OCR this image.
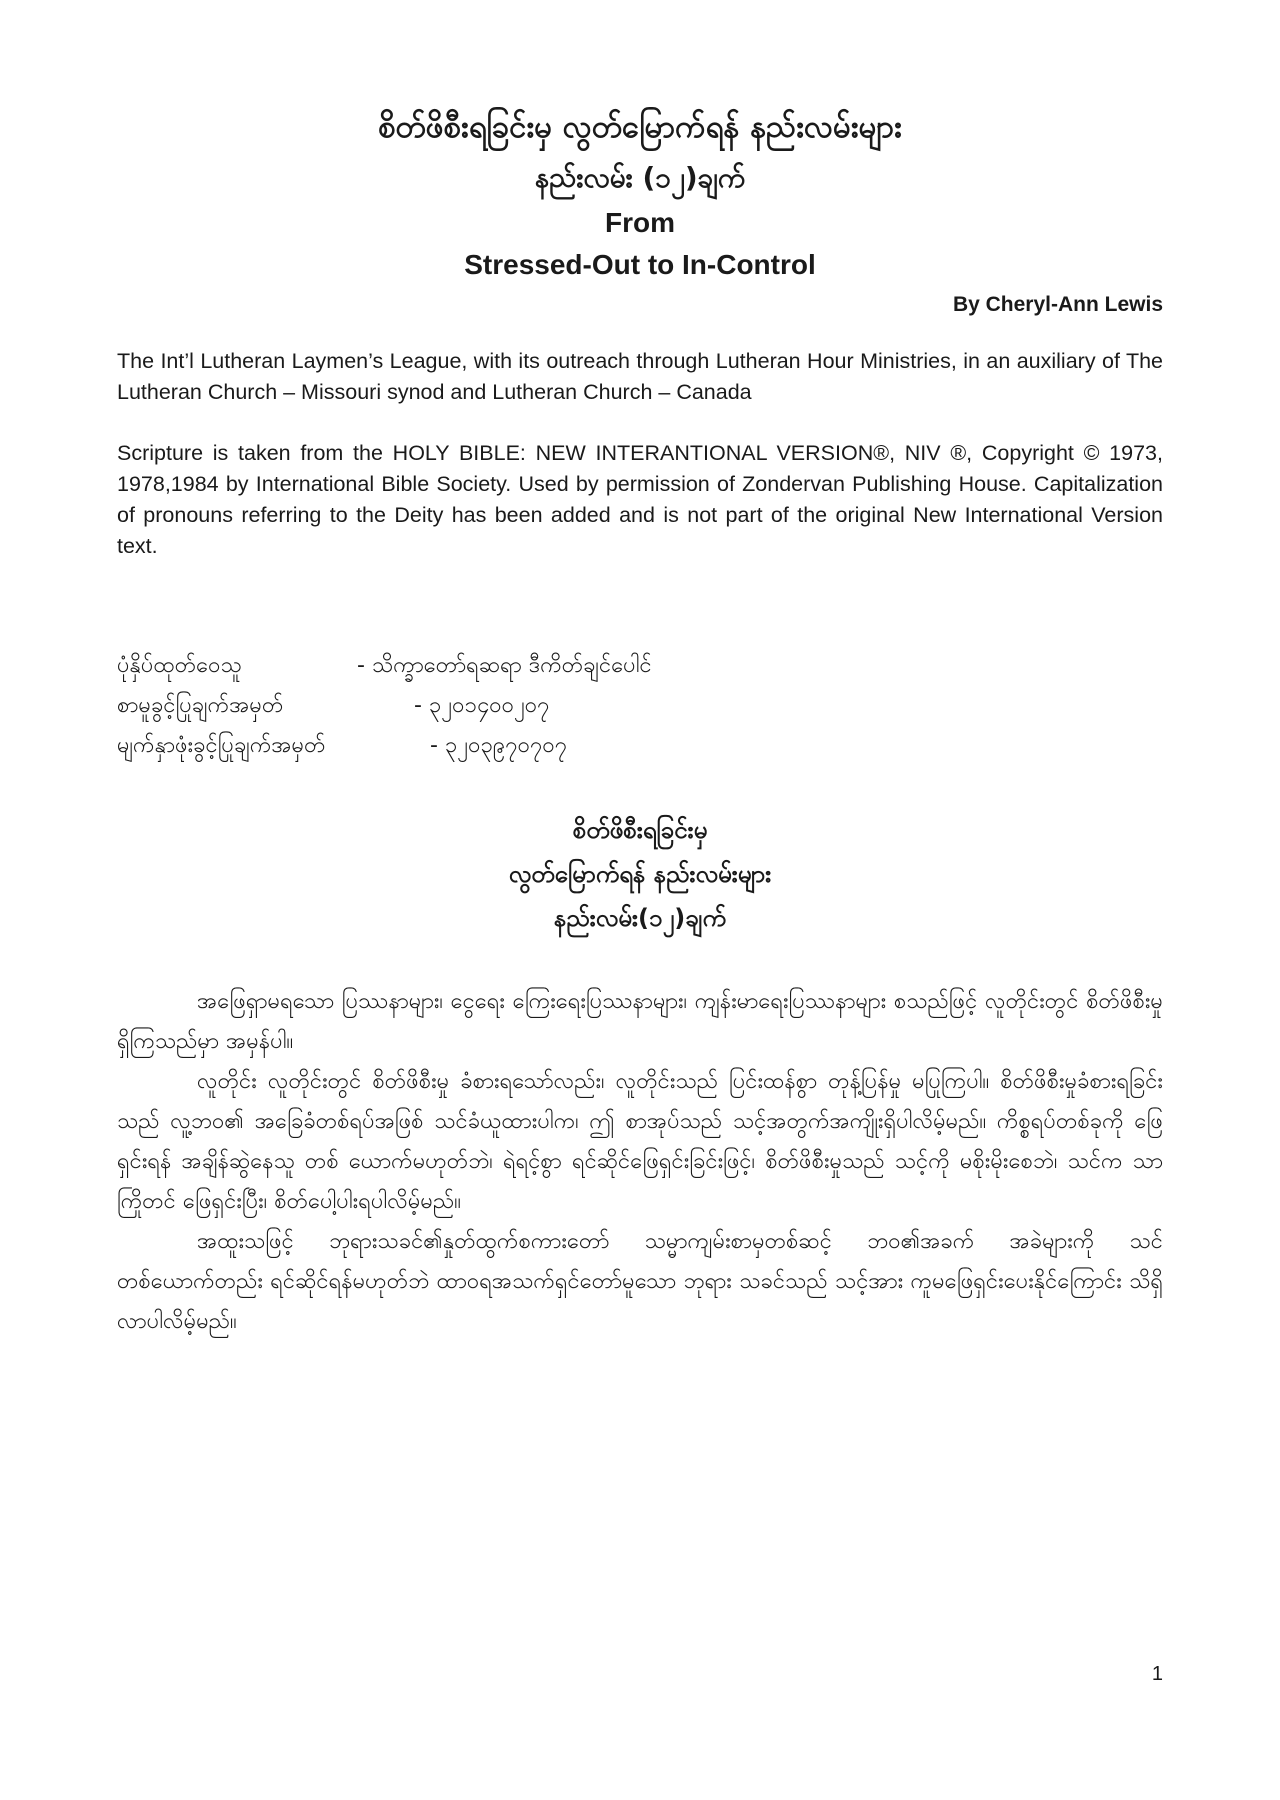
စိတ်ဖိစီးရခြင်းမှ လွတ်မြောက်ရန် နည်းလမ်းများ

နည်းလမ်း (၁၂)ချက်

From

Stressed-Out to In-Control

By Cheryl-Ann Lewis

The Int’l Lutheran Laymen’s League, with its outreach through Lutheran Hour Ministries, in an auxiliary of The Lutheran Church – Missouri synod and Lutheran Church – Canada

Scripture is taken from the HOLY BIBLE: NEW INTERANTIONAL VERSION®, NIV ®, Copyright © 1973, 1978,1984 by International Bible Society. Used by permission of Zondervan Publishing House. Capitalization of pronouns referring to the Deity has been added and is not part of the original New International Version text.

ပုံနှိပ်ထုတ်ဝေသူ	- သိက္ခာတော်ရဆရာ ဒီကိတ်ချင်ပေါင်
စာမူခွင့်ပြုချက်အမှတ်	- ၃၂၀၁၄၀၀၂၀၇
မျက်နှာဖုံးခွင့်ပြုချက်အမှတ်	- ၃၂၀၃၉၇၀၇၀၇
စိတ်ဖိစီးရခြင်းမှ
လွတ်မြောက်ရန် နည်းလမ်းများ
နည်းလမ်း(၁၂)ချက်

အဖြေရှာမရသော ပြဿနာများ၊ ငွေရေး ကြေးရေးပြဿနာများ၊ ကျန်းမာရေးပြဿနာများ စသည်ဖြင့် လူတိုင်းတွင် စိတ်ဖိစီးမှုရှိကြသည်မှာ အမှန်ပါ။

လူတိုင်း လူတိုင်းတွင် စိတ်ဖိစီးမှု ခံစားရသော်လည်း၊ လူတိုင်းသည် ပြင်းထန်စွာ တုန့်ပြန်မှု မပြုကြပါ။ စိတ်ဖိစီးမှုခံစားရခြင်းသည် လူ့ဘဝ၏ အခြေခံတစ်ရပ်အဖြစ် သင်ခံယူထားပါက၊ ဤ စာအုပ်သည် သင့်အတွက်အကျိုးရှိပါလိမ့်မည်။ ကိစ္စရပ်တစ်ခုကို ဖြေရှင်းရန် အချိန်ဆွဲနေသူ တစ် ယောက်မဟုတ်ဘဲ၊ ရဲရင့်စွာ ရင်ဆိုင်ဖြေရှင်းခြင်းဖြင့်၊ စိတ်ဖိစီးမှုသည် သင့်ကို မစိုးမိုးစေဘဲ၊ သင်က သာကြိုတင် ဖြေရှင်းပြီး၊ စိတ်ပေါ့ပါးရပါလိမ့်မည်။

အထူးသဖြင့် ဘုရားသခင်၏နှုတ်ထွက်စကားတော် သမ္မာကျမ်းစာမှတစ်ဆင့် ဘဝ၏အခက် အခဲများကို သင်တစ်ယောက်တည်း ရင်ဆိုင်ရန်မဟုတ်ဘဲ ထာဝရအသက်ရှင်တော်မူသော ဘုရား သခင်သည် သင့်အား ကူမဖြေရှင်းပေးနိုင်ကြောင်း သိရှိလာပါလိမ့်မည်။

1
